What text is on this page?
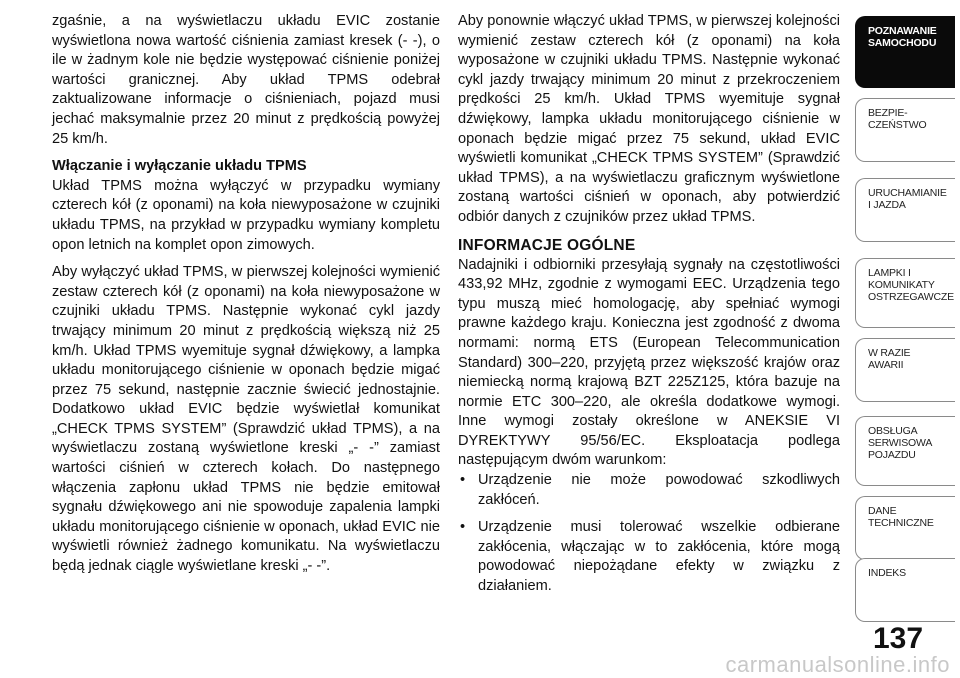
zgaśnie, a na wyświetlaczu układu EVIC zostanie wyświetlona nowa wartość ciśnienia zamiast kresek (- -), o ile w żadnym kole nie będzie występować ciśnienie poniżej wartości granicznej. Aby układ TPMS odebrał zaktualizowane informacje o ciśnieniach, pojazd musi jechać maksymalnie przez 20 minut z prędkością powyżej 25 km/h.

Włączanie i wyłączanie układu TPMS

Układ TPMS można wyłączyć w przypadku wymiany czterech kół (z oponami) na koła niewyposażone w czujniki układu TPMS, na przykład w przypadku wymiany kompletu opon letnich na komplet opon zimowych.

Aby wyłączyć układ TPMS, w pierwszej kolejności wymienić zestaw czterech kół (z oponami) na koła niewyposażone w czujniki układu TPMS. Następnie wykonać cykl jazdy trwający minimum 20 minut z prędkością większą niż 25 km/h. Układ TPMS wyemituje sygnał dźwiękowy, a lampka układu monitorującego ciśnienie w oponach będzie migać przez 75 sekund, następnie zacznie świecić jednostajnie. Dodatkowo układ EVIC będzie wyświetlał komunikat „CHECK TPMS SYSTEM” (Sprawdzić układ TPMS), a na wyświetlaczu zostaną wyświetlone kreski „- -” zamiast wartości ciśnień w czterech kołach. Do następnego włączenia zapłonu układ TPMS nie będzie emitował sygnału dźwiękowego ani nie spowoduje zapalenia lampki układu monitorującego ciśnienie w oponach, układ EVIC nie wyświetli również żadnego komunikatu. Na wyświetlaczu będą jednak ciągle wyświetlane kreski „- -”.

Aby ponownie włączyć układ TPMS, w pierwszej kolejności wymienić zestaw czterech kół (z oponami) na koła wyposażone w czujniki układu TPMS. Następnie wykonać cykl jazdy trwający minimum 20 minut z przekroczeniem prędkości 25 km/h. Układ TPMS wyemituje sygnał dźwiękowy, lampka układu monitorującego ciśnienie w oponach będzie migać przez 75 sekund, układ EVIC wyświetli komunikat „CHECK TPMS SYSTEM” (Sprawdzić układ TPMS), a na wyświetlaczu graficznym wyświetlone zostaną wartości ciśnień w oponach, aby potwierdzić odbiór danych z czujników przez układ TPMS.

INFORMACJE OGÓLNE

Nadajniki i odbiorniki przesyłają sygnały na częstotliwości 433,92 MHz, zgodnie z wymogami EEC. Urządzenia tego typu muszą mieć homologację, aby spełniać wymogi prawne każdego kraju. Konieczna jest zgodność z dwoma normami: normą ETS (European Telecommunication Standard) 300–220, przyjętą przez większość krajów oraz niemiecką normą krajową BZT 225Z125, która bazuje na normie ETC 300–220, ale określa dodatkowe wymogi. Inne wymogi zostały określone w ANEKSIE VI DYREKTYWY 95/56/EC. Eksploatacja podlega następującym dwóm warunkom:

• Urządzenie nie może powodować szkodliwych zakłóceń.
• Urządzenie musi tolerować wszelkie odbierane zakłócenia, włączając w to zakłócenia, które mogą powodować niepożądane efekty w związku z działaniem.
POZNAWANIE
SAMOCHODU
BEZPIE-
CZEŃSTWO
URUCHAMIANIE
I JAZDA
LAMPKI I
KOMUNIKATY
OSTRZEGAWCZE
W RAZIE
AWARII
OBSŁUGA
SERWISOWA
POJAZDU
DANE
TECHNICZNE
INDEKS
137
carmanualsonline.info
